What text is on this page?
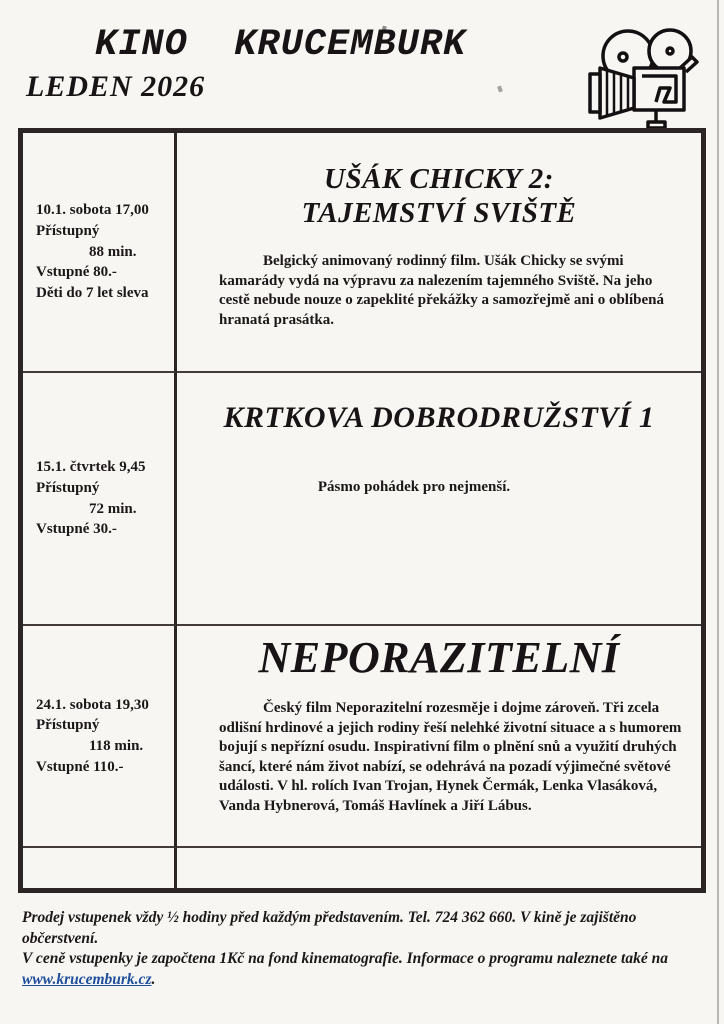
KINO  KRUCEMBURK
LEDEN 2026
10.1. sobota 17,00
Přístupný
88 min.
Vstupné 80.-
Děti do 7 let sleva
UŠÁK CHICKY 2:
TAJEMSTVÍ SVIŠTĚ
Belgický animovaný rodinný film. Ušák Chicky se svými kamarády vydá na výpravu za nalezením tajemného Sviště. Na jeho cestě nebude nouze o zapeklité překážky a samozřejmě ani o oblíbená hranatá prasátka.
15.1. čtvrtek 9,45
Přístupný
72 min.
Vstupné 30.-
KRTKOVA DOBRODRUŽSTVÍ 1
Pásmo pohádek pro nejmenší.
24.1. sobota 19,30
Přístupný
118 min.
Vstupné 110.-
NEPORAZITELNÍ
Český film Neporazitelní rozesměje i dojme zároveň. Tři zcela odlišní hrdinové a jejich rodiny řeší nelehké životní situace a s humorem bojují s nepřízní osudu. Inspirativní film o plnění snů a využití druhých šancí, které nám život nabízí, se odehrává na pozadí výjimečné světové události. V hl. rolích Ivan Trojan, Hynek Čermák, Lenka Vlasáková, Vanda Hybnerová, Tomáš Havlínek a Jiří Lábus.
Prodej vstupenek vždy ½ hodiny před každým představením. Tel. 724 362 660. V kině je zajištěno občerstvení.
V ceně vstupenky je započtena 1Kč na fond kinematografie. Informace o programu naleznete také na
www.krucemburk.cz.
